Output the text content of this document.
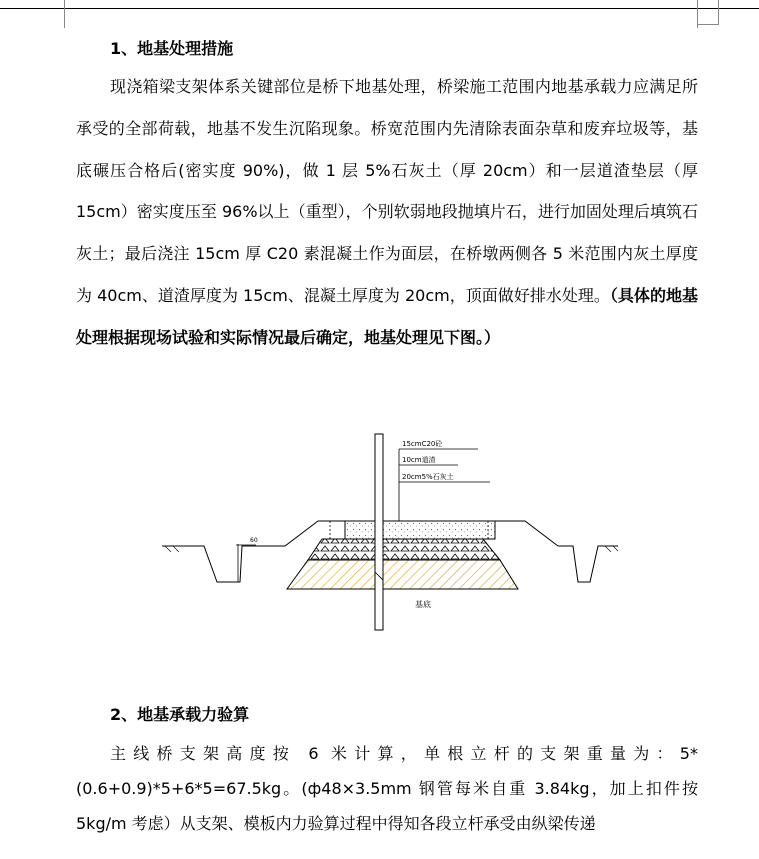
1、地基处理措施
现浇箱梁支架体系关键部位是桥下地基处理，桥梁施工范围内地基承载力应满足所承受的全部荷载，地基不发生沉陷现象。桥宽范围内先清除表面杂草和废弃垃圾等，基底碾压合格后(密实度 90%)，做 1 层 5%石灰土（厚 20cm）和一层道渣垫层（厚 15cm）密实度压至 96%以上（重型），个别软弱地段抛填片石，进行加固处理后填筑石灰土；最后浇注 15cm 厚 C20 素混凝土作为面层，在桥墩两侧各 5 米范围内灰土厚度为 40cm、道渣厚度为 15cm、混凝土厚度为 20cm，顶面做好排水处理。（具体的地基处理根据现场试验和实际情况最后确定，地基处理见下图。）
60
15cmC20砼
10cm道渣
20cm5%石灰土
基底
2、地基承载力验算
主线桥支架高度按 6 米计算，单根立杆的支架重量为：5*(0.6+0.9)*5+6*5=67.5kg。(ф48×3.5mm 钢管每米自重 3.84kg，加上扣件按 5kg/m 考虑）从支架、模板内力验算过程中得知各段立杆承受由纵梁传递
